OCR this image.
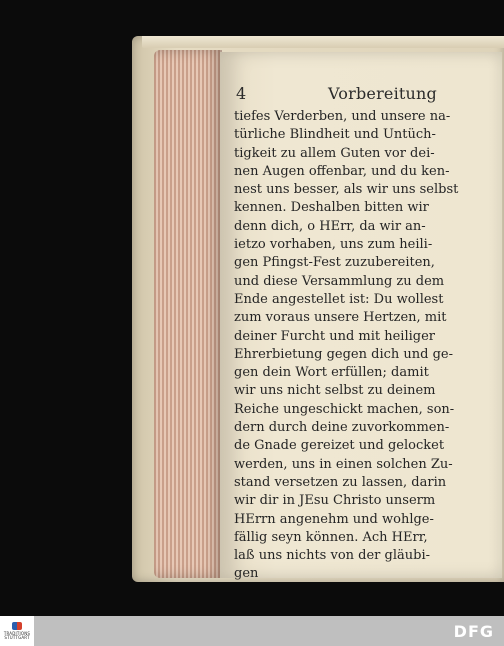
4	Vorbereitung
tiefes Verderben, und unsere na-
türliche Blindheit und Untüch-
tigkeit zu allem Guten vor dei-
nen Augen offenbar, und du ken-
nest uns besser, als wir uns selbst
kennen. Deshalben bitten wir
denn dich, o HErr, da wir an-
ietzo vorhaben, uns zum heili-
gen Pfingst-Fest zuzubereiten,
und diese Versammlung zu dem
Ende angestellet ist: Du wollest
zum voraus unsere Hertzen, mit
deiner Furcht und mit heiliger
Ehrerbietung gegen dich und ge-
gen dein Wort erfüllen; damit
wir uns nicht selbst zu deinem
Reiche ungeschickt machen, son-
dern durch deine zuvorkommen-
de Gnade gereizet und gelocket
werden, uns in einen solchen Zu-
stand versetzen zu lassen, darin
wir dir in JEsu Christo unserm
HErrn angenehm und wohlge-
fällig seyn können. Ach HErr,
laß uns nichts von der gläubi-
gen
TRADITIONS
STUTTGART	DFG
